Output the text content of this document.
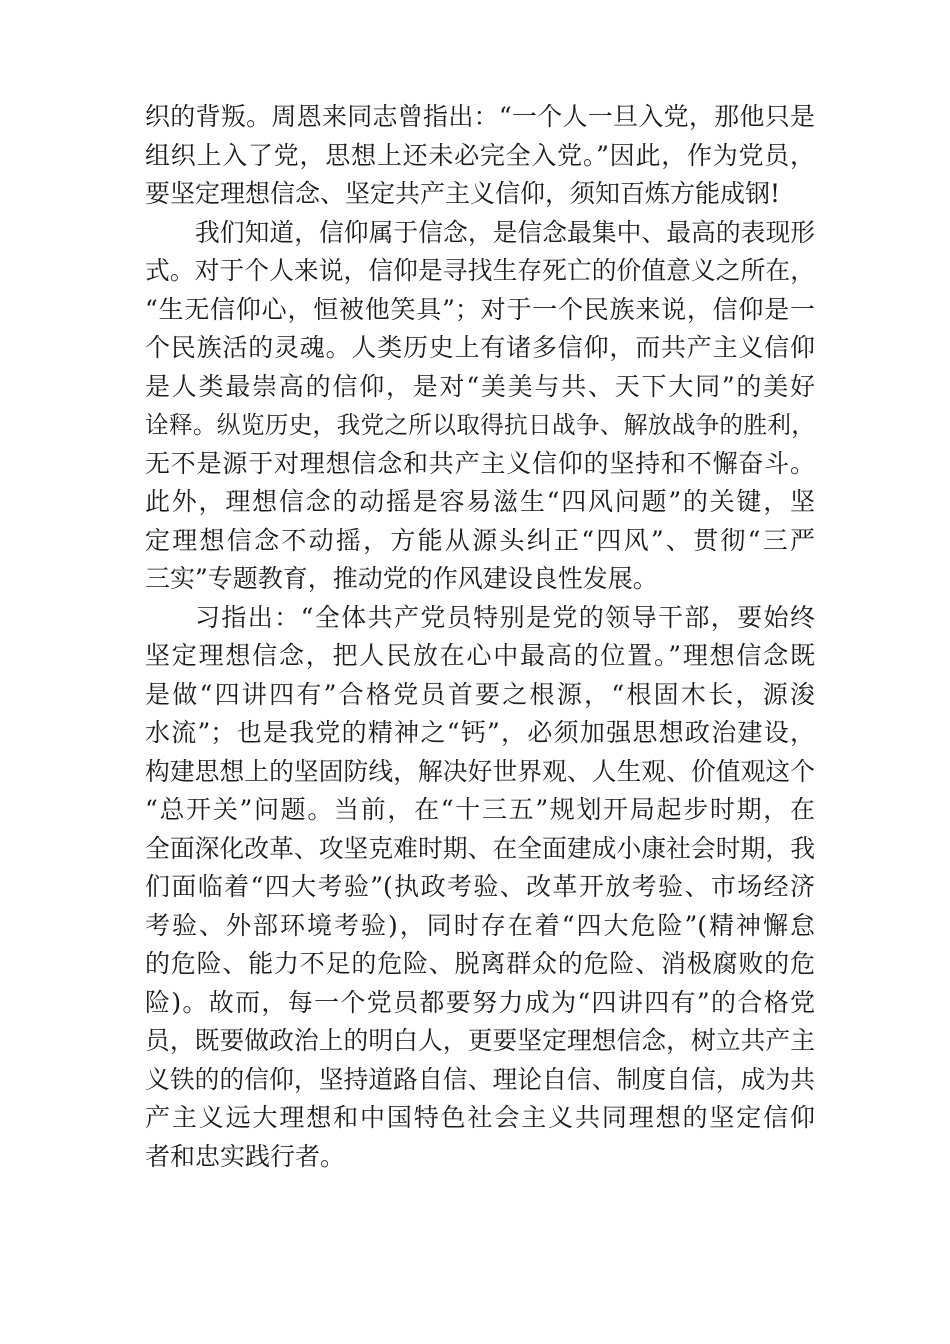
织的背叛。周恩来同志曾指出：“一个人一旦入党，那他只是
组织上入了党，思想上还未必完全入党。”因此，作为党员，
要坚定理想信念、坚定共产主义信仰，须知百炼方能成钢!
我们知道，信仰属于信念，是信念最集中、最高的表现形
式。对于个人来说，信仰是寻找生存死亡的价值意义之所在，
“生无信仰心，恒被他笑具”；对于一个民族来说，信仰是一
个民族活的灵魂。人类历史上有诸多信仰，而共产主义信仰
是人类最崇高的信仰，是对“美美与共、天下大同”的美好
诠释。纵览历史，我党之所以取得抗日战争、解放战争的胜利，
无不是源于对理想信念和共产主义信仰的坚持和不懈奋斗。
此外，理想信念的动摇是容易滋生“四风问题”的关键，坚
定理想信念不动摇，方能从源头纠正“四风”、贯彻“三严
三实”专题教育，推动党的作风建设良性发展。
习指出：“全体共产党员特别是党的领导干部，要始终
坚定理想信念，把人民放在心中最高的位置。”理想信念既
是做“四讲四有”合格党员首要之根源，“根固木长，源浚
水流”；也是我党的精神之“钙”，必须加强思想政治建设，
构建思想上的坚固防线，解决好世界观、人生观、价值观这个
“总开关”问题。当前，在“十三五”规划开局起步时期，在
全面深化改革、攻坚克难时期、在全面建成小康社会时期，我
们面临着“四大考验”(执政考验、改革开放考验、市场经济
考验、外部环境考验)，同时存在着“四大危险”(精神懈怠
的危险、能力不足的危险、脱离群众的危险、消极腐败的危
险)。故而，每一个党员都要努力成为“四讲四有”的合格党
员，既要做政治上的明白人，更要坚定理想信念，树立共产主
义铁的的信仰，坚持道路自信、理论自信、制度自信，成为共
产主义远大理想和中国特色社会主义共同理想的坚定信仰
者和忠实践行者。
